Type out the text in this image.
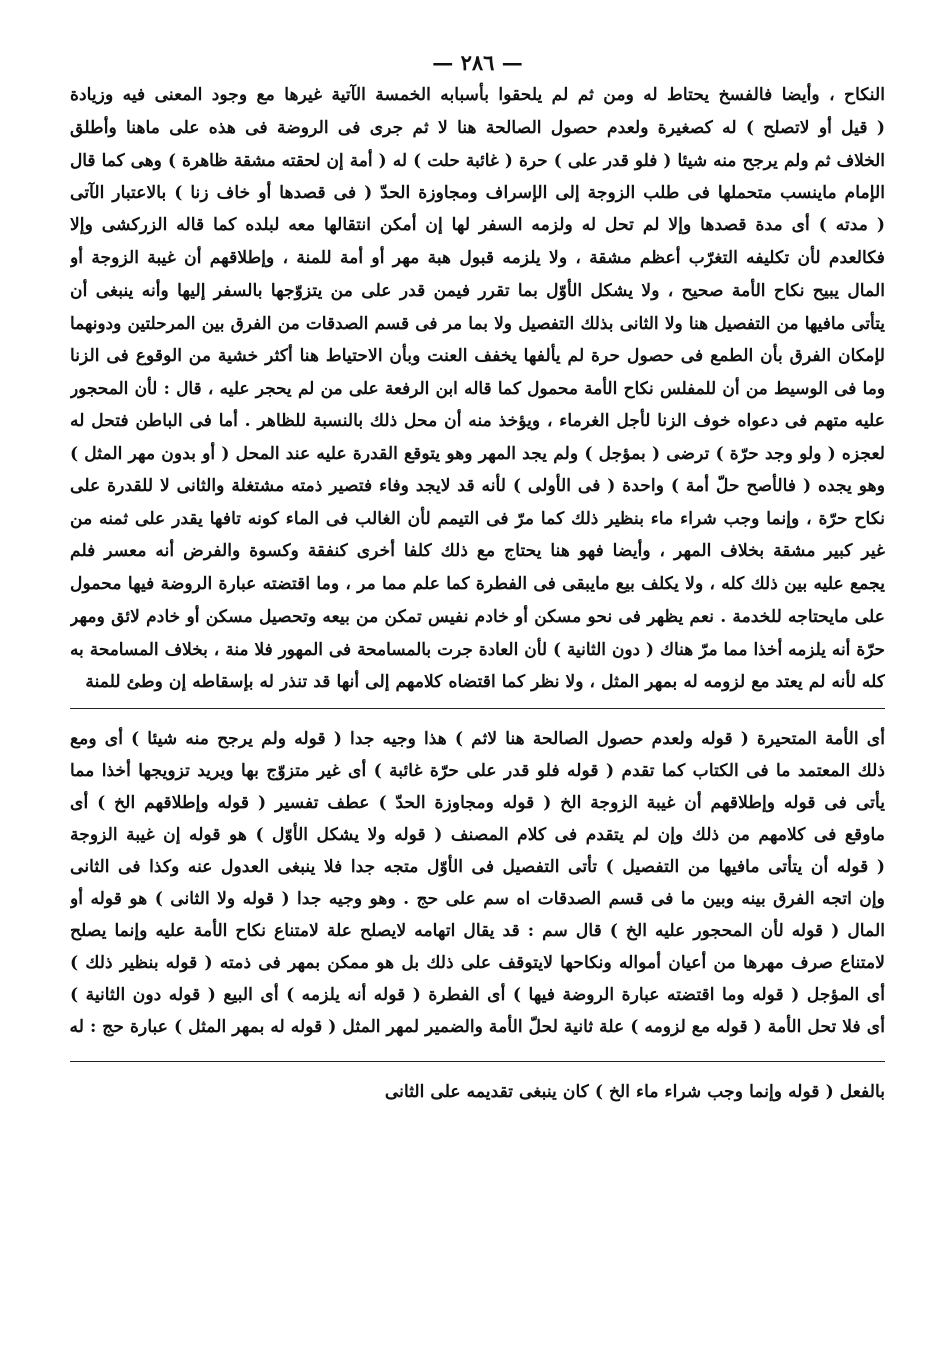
— ٢٨٦ —
النكاح ، وأيضا فالفسخ يحتاط له ومن ثم لم يلحقوا بأسبابه الخمسة الآتية غيرها مع وجود المعنى فيه وزيادة
( قيل أو لاتصلح ) له كصغيرة ولعدم حصول الصالحة هنا لا ثم جرى فى الروضة فى هذه على ماهنا وأطلق
الخلاف ثم ولم يرجح منه شيئا ( فلو قدر على ) حرة ( غائبة حلت ) له ( أمة إن لحقته مشقة ظاهرة ) وهى كما قال
الإمام ماينسب متحملها فى طلب الزوجة إلى الإسراف ومجاوزة الحدّ ( فى قصدها أو خاف زنا ) بالاعتبار الآتى
( مدته ) أى مدة قصدها وإلا لم تحل له ولزمه السفر لها إن أمكن انتقالها معه لبلده كما قاله الزركشى وإلا
فكالعدم لأن تكليفه التغرّب أعظم مشقة ، ولا يلزمه قبول هبة مهر أو أمة للمنة ، وإطلاقهم أن غيبة الزوجة أو
المال يبيح نكاح الأمة صحيح ، ولا يشكل الأوّل بما تقرر فيمن قدر على من يتزوّجها بالسفر إليها وأنه ينبغى أن
يتأتى مافيها من التفصيل هنا ولا الثانى بذلك التفصيل ولا بما مر فى قسم الصدقات من الفرق بين المرحلتين ودونهما
لإمكان الفرق بأن الطمع فى حصول حرة لم يألفها يخفف العنت وبأن الاحتياط هنا أكثر خشية من الوقوع فى الزنا
وما فى الوسيط من أن للمفلس نكاح الأمة محمول كما قاله ابن الرفعة على من لم يحجر عليه ، قال : لأن المحجور
عليه متهم فى دعواه خوف الزنا لأجل الغرماء ، ويؤخذ منه أن محل ذلك بالنسبة للظاهر . أما فى الباطن فتحل له
لعجزه ( ولو وجد حرّة ) ترضى ( بمؤجل ) ولم يجد المهر وهو يتوقع القدرة عليه عند المحل ( أو بدون مهر المثل )
وهو يجده ( فالأصح حلّ أمة ) واحدة ( فى الأولى ) لأنه قد لايجد وفاء فتصير ذمته مشتغلة والثانى لا للقدرة على
نكاح حرّة ، وإنما وجب شراء ماء بنظير ذلك كما مرّ فى التيمم لأن الغالب فى الماء كونه تافها يقدر على ثمنه من
غير كبير مشقة بخلاف المهر ، وأيضا فهو هنا يحتاج مع ذلك كلفا أخرى كنفقة وكسوة والفرض أنه معسر فلم
يجمع عليه بين ذلك كله ، ولا يكلف بيع مايبقى فى الفطرة كما علم مما مر ، وما اقتضته عبارة الروضة فيها محمول
على مايحتاجه للخدمة . نعم يظهر فى نحو مسكن أو خادم نفيس تمكن من بيعه وتحصيل مسكن أو خادم لائق ومهر
حرّة أنه يلزمه أخذا مما مرّ هناك ( دون الثانية ) لأن العادة جرت بالمسامحة فى المهور فلا منة ، بخلاف المسامحة به
كله لأنه لم يعتد مع لزومه له بمهر المثل ، ولا نظر كما اقتضاه كلامهم إلى أنها قد تنذر له بإسقاطه إن وطئ للمنة
أى الأمة المتحيرة ( قوله ولعدم حصول الصالحة هنا لاثم ) هذا وجيه جدا ( قوله ولم يرجح منه شيئا ) أى ومع
ذلك المعتمد ما فى الكتاب كما تقدم ( قوله فلو قدر على حرّة غائبة ) أى غير متزوّج بها ويريد تزويجها أخذا مما
يأتى فى قوله وإطلاقهم أن غيبة الزوجة الخ ( قوله ومجاوزة الحدّ ) عطف تفسير ( قوله وإطلاقهم الخ ) أى
ماوقع فى كلامهم من ذلك وإن لم يتقدم فى كلام المصنف ( قوله ولا يشكل الأوّل ) هو قوله إن غيبة الزوجة
( قوله أن يتأتى مافيها من التفصيل ) تأتى التفصيل فى الأوّل متجه جدا فلا ينبغى العدول عنه وكذا فى الثانى
وإن اتجه الفرق بينه وبين ما فى قسم الصدقات اه سم على حج . وهو وجيه جدا ( قوله ولا الثانى ) هو قوله أو
المال ( قوله لأن المحجور عليه الخ ) قال سم : قد يقال اتهامه لايصلح علة لامتناع نكاح الأمة عليه وإنما يصلح
لامتناع صرف مهرها من أعيان أمواله ونكاحها لايتوقف على ذلك بل هو ممكن بمهر فى ذمته ( قوله بنظير ذلك )
أى المؤجل ( قوله وما اقتضته عبارة الروضة فيها ) أى الفطرة ( قوله أنه يلزمه ) أى البيع ( قوله دون الثانية )
أى فلا تحل الأمة ( قوله مع لزومه ) علة ثانية لحلّ الأمة والضمير لمهر المثل ( قوله له بمهر المثل ) عبارة حج : له
بالفعل ( قوله وإنما وجب شراء ماء الخ ) كان ينبغى تقديمه على الثانى
